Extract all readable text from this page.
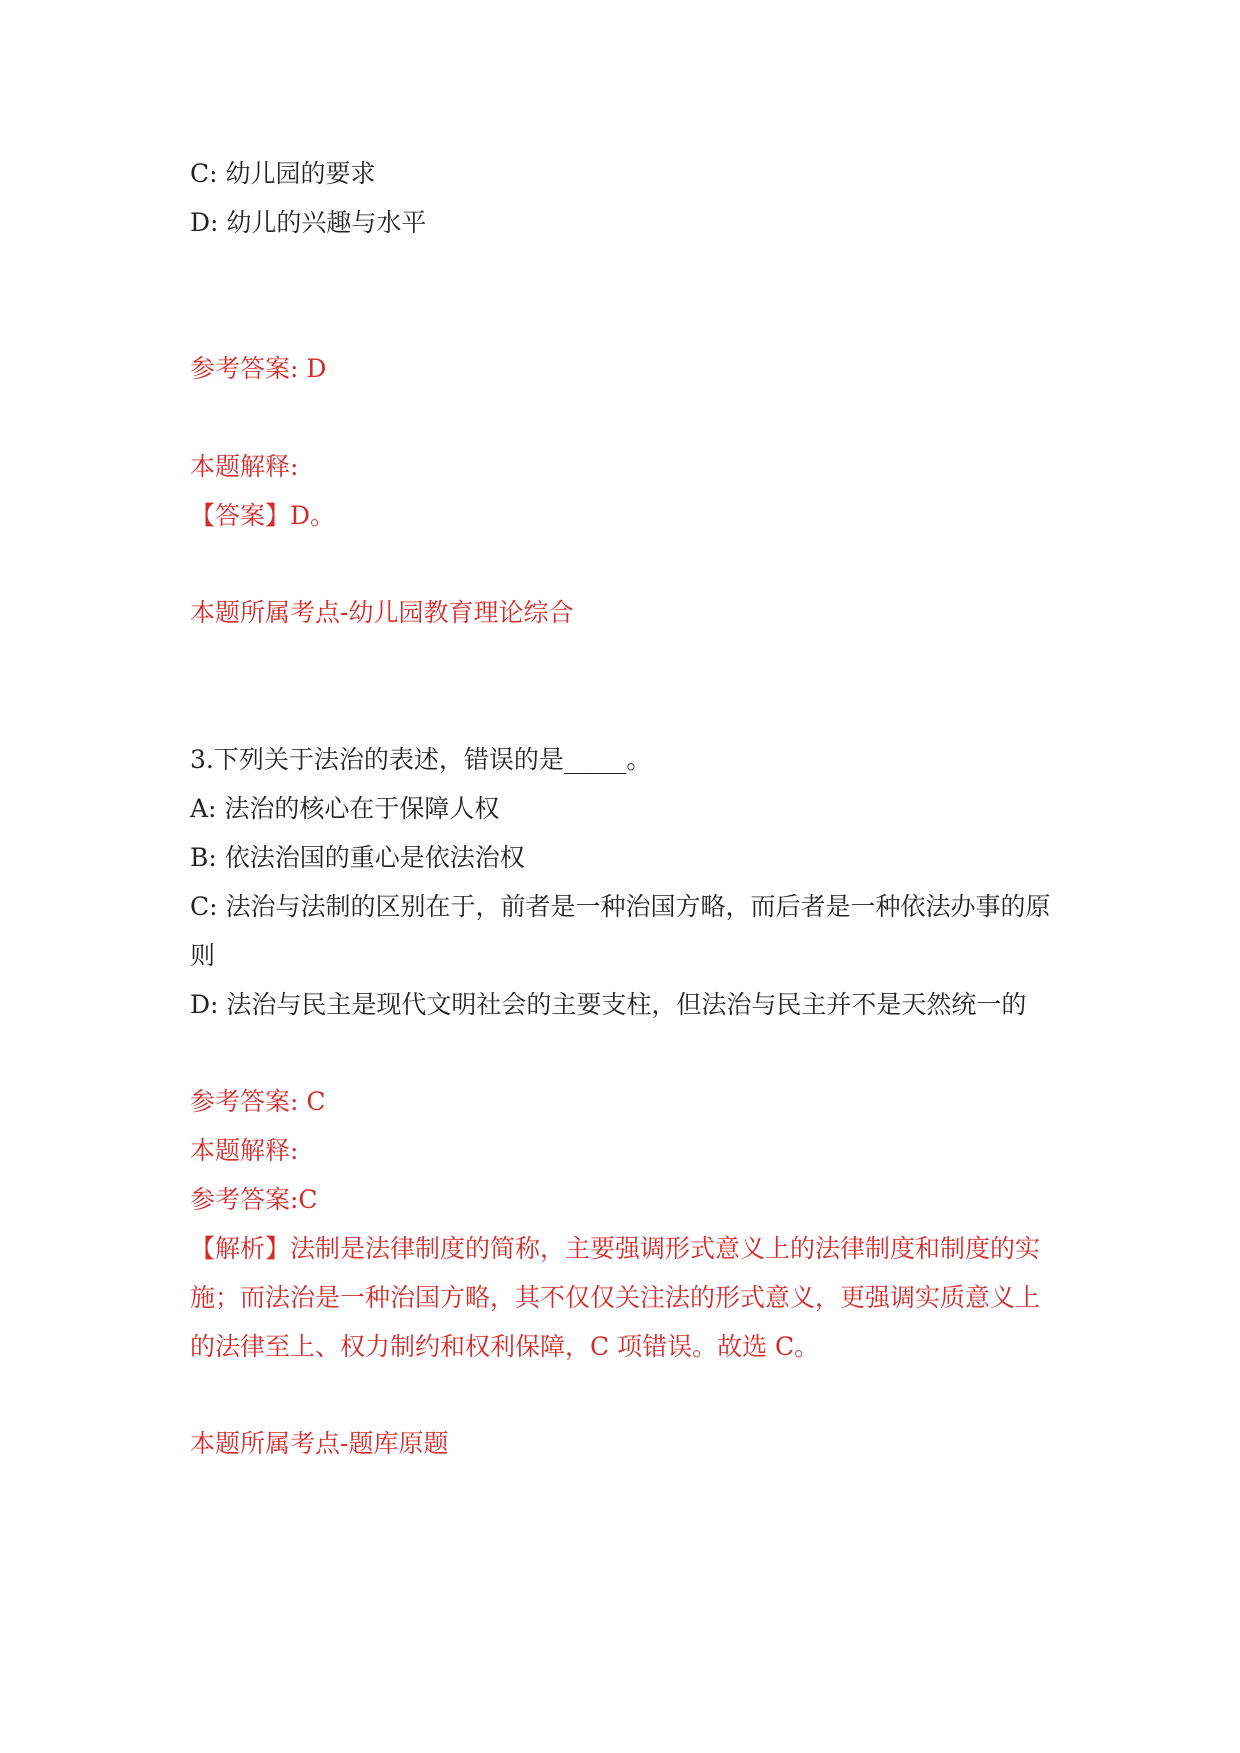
C: 幼儿园的要求
D: 幼儿的兴趣与水平
参考答案: D
本题解释:
【答案】D。
本题所属考点-幼儿园教育理论综合
3.下列关于法治的表述，错误的是_____。
A: 法治的核心在于保障人权
B: 依法治国的重心是依法治权
C: 法治与法制的区别在于，前者是一种治国方略，而后者是一种依法办事的原
则
D: 法治与民主是现代文明社会的主要支柱，但法治与民主并不是天然统一的
参考答案: C
本题解释:
参考答案:C
【解析】法制是法律制度的简称，主要强调形式意义上的法律制度和制度的实
施；而法治是一种治国方略，其不仅仅关注法的形式意义，更强调实质意义上
的法律至上、权力制约和权利保障，C 项错误。故选 C。
本题所属考点-题库原题
